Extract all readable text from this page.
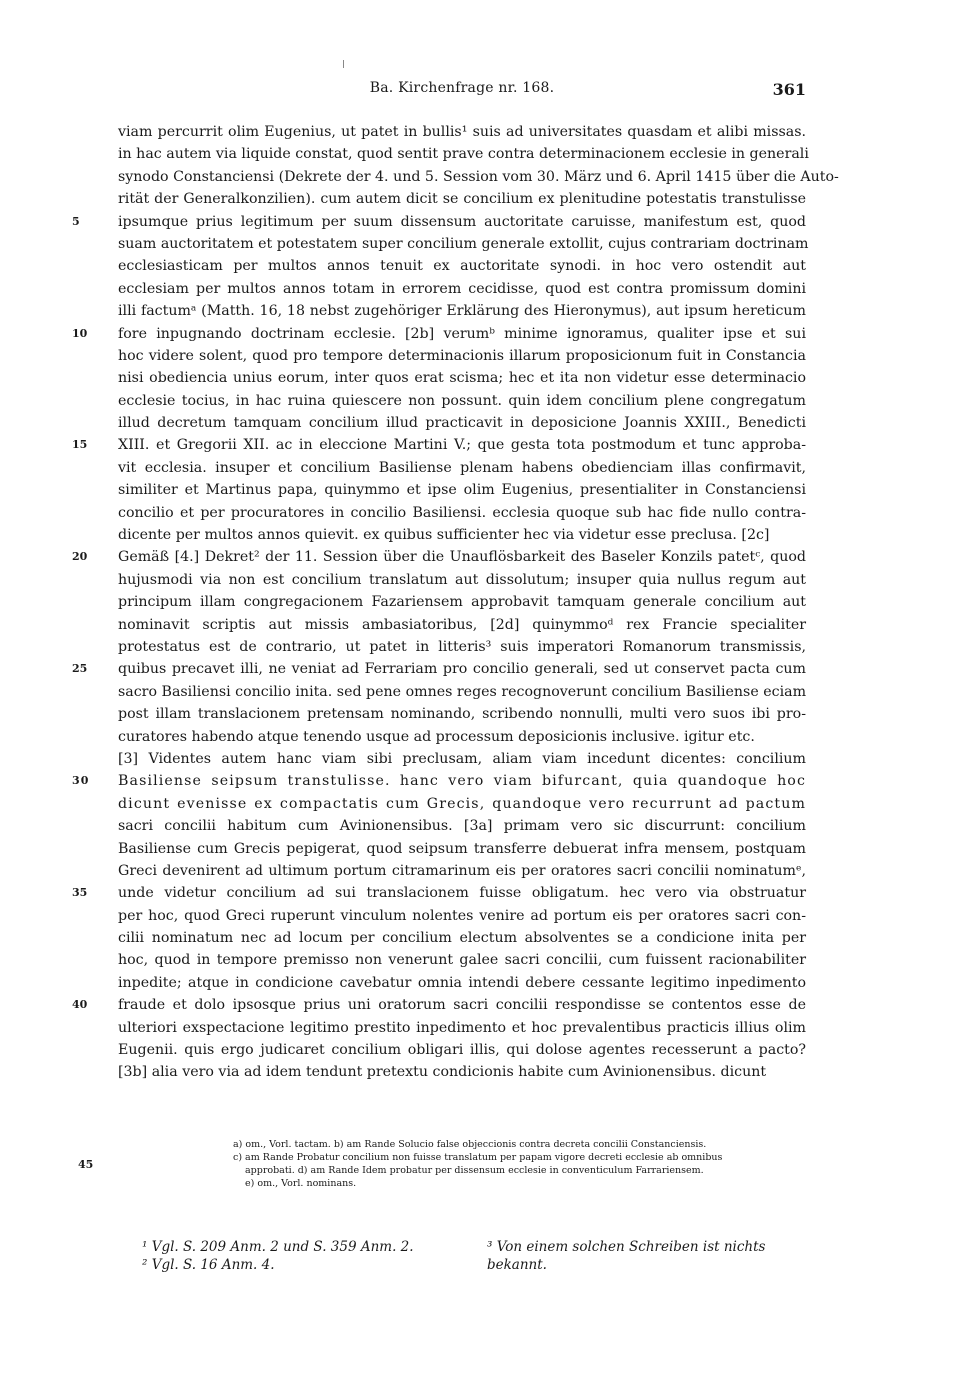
Ba. Kirchenfrage nr. 168.	361
viam percurrit olim Eugenius, ut patet in bullis¹ suis ad universitates quasdam et alibi missas.
in hac autem via liquide constat, quod sentit prave contra determinacionem ecclesie in generali
synodo Constanciensi (Dekrete der 4. und 5. Session vom 30. März und 6. April 1415 über die Auto-
rität der Generalkonzilien). cum autem dicit se concilium ex plenitudine potestatis transtulisse
5	ipsumque prius legitimum per suum dissensum auctoritate caruisse, manifestum est, quod
suam auctoritatem et potestatem super concilium generale extollit, cujus contrariam doctrinam
ecclesiasticam per multos annos tenuit ex auctoritate synodi. in hoc vero ostendit aut
ecclesiam per multos annos totam in errorem cecidisse, quod est contra promissum domini
illi factumᵃ (Matth. 16, 18 nebst zugehöriger Erklärung des Hieronymus), aut ipsum hereticum
10	fore inpugnando doctrinam ecclesie. [2b] verumᵇ minime ignoramus, qualiter ipse et sui
hoc videre solent, quod pro tempore determinacionis illarum proposicionum fuit in Constancia
nisi obedienciа unius eorum, inter quos erat scisma; hec et ita non videtur esse determinacio
ecclesie tocius, in hac ruina quiescere non possunt. quin idem concilium plene congregatum
illud decretum tamquam concilium illud practicavit in deposicione Joannis XXIII., Benedicti
15	XIII. et Gregorii XII. ac in eleccione Martini V.; que gesta tota postmodum et tunc approba-
vit ecclesia. insuper et concilium Basiliense plenam habens obedienciam illas confirmavit,
similiter et Martinus papa, quinymmo et ipse olim Eugenius, presentialiter in Constanciensi
concilio et per procuratores in concilio Basiliensi. ecclesia quoque sub hac fide nullo contra-
dicente per multos annos quievit. ex quibus sufficienter hec via videtur esse preclusa. [2c]
20	Gemäß [4.] Dekret² der 11. Session über die Unauflösbarkeit des Baseler Konzils patetᶜ, quod
hujusmodi via non est concilium translatum aut dissolutum; insuper quia nullus regum aut
principum illam congregacionem Fazariensem approbavit tamquam generale concilium aut
nominavit scriptis aut missis ambasiatoribus, [2d] quinymmoᵈ rex Francie specialiter
protestatus est de contrario, ut patet in litteris³ suis imperatori Romanorum transmissis,
25	quibus precavet illi, ne veniat ad Ferrariam pro concilio generali, sed ut conservet pacta cum
sacro Basiliensi concilio inita. sed pene omnes reges recognoverunt concilium Basiliense eciam
post illam translacionem pretensam nominando, scribendo nonnulli, multi vero suos ibi pro-
curatores habendo atque tenendo usque ad processum deposicionis inclusive. igitur etc.
[3] Videntes autem hanc viam sibi preclusam, aliam viam incedunt dicentes: concilium
30	Basiliense seipsum transtulisse. hanc vero viam bifurcant, quia quandoque hoc
dicunt evenisse ex compactatis cum Grecis, quandoque vero recurrunt ad pactum
sacri concilii habitum cum Avinionensibus. [3a] primam vero sic discurrunt: concilium
Basiliense cum Grecis pepigerat, quod seipsum transferre debuerat infra mensem, postquam
Greci devenirent ad ultimum portum citramarinum eis per oratores sacri concilii nominatumᵉ,
35	unde videtur concilium ad sui translacionem fuisse obligatum. hec vero via obstruatur
per hoc, quod Greci ruperunt vinculum nolentes venire ad portum eis per oratores sacri con-
cilii nominatum nec ad locum per concilium electum absolventes se a condicione inita per
hoc, quod in tempore premisso non venerunt galee sacri concilii, cum fuissent racionabiliter
inpedite; atque in condicione cavebatur omnia intendi debere cessante legitimo inpedimento
40	fraude et dolo ipsosque prius uni oratorum sacri concilii respondisse se contentos esse de
ulteriori exspectacione legitimo prestito inpedimento et hoc prevalentibus practicis illius olim
Eugenii. quis ergo judicaret concilium obligari illis, qui dolose agentes recesserunt a pacto?
[3b] alia vero via ad idem tendunt pretextu condicionis habite cum Avinionensibus. dicunt
45
a) om., Vorl. tactam. b) am Rande Solucio false objeccionis contra decreta concilii Constanciensis.
c) am Rande Probatur concilium non fuisse translatum per papam vigore decreti ecclesie ab omnibus
approbati. d) am Rande Idem probatur per dissensum ecclesie in conventiculum Farrariensem.
e) om., Vorl. nominans.
¹ Vgl. S. 209 Anm. 2 und S. 359 Anm. 2.
² Vgl. S. 16 Anm. 4.
³ Von einem solchen Schreiben ist nichts bekannt.
